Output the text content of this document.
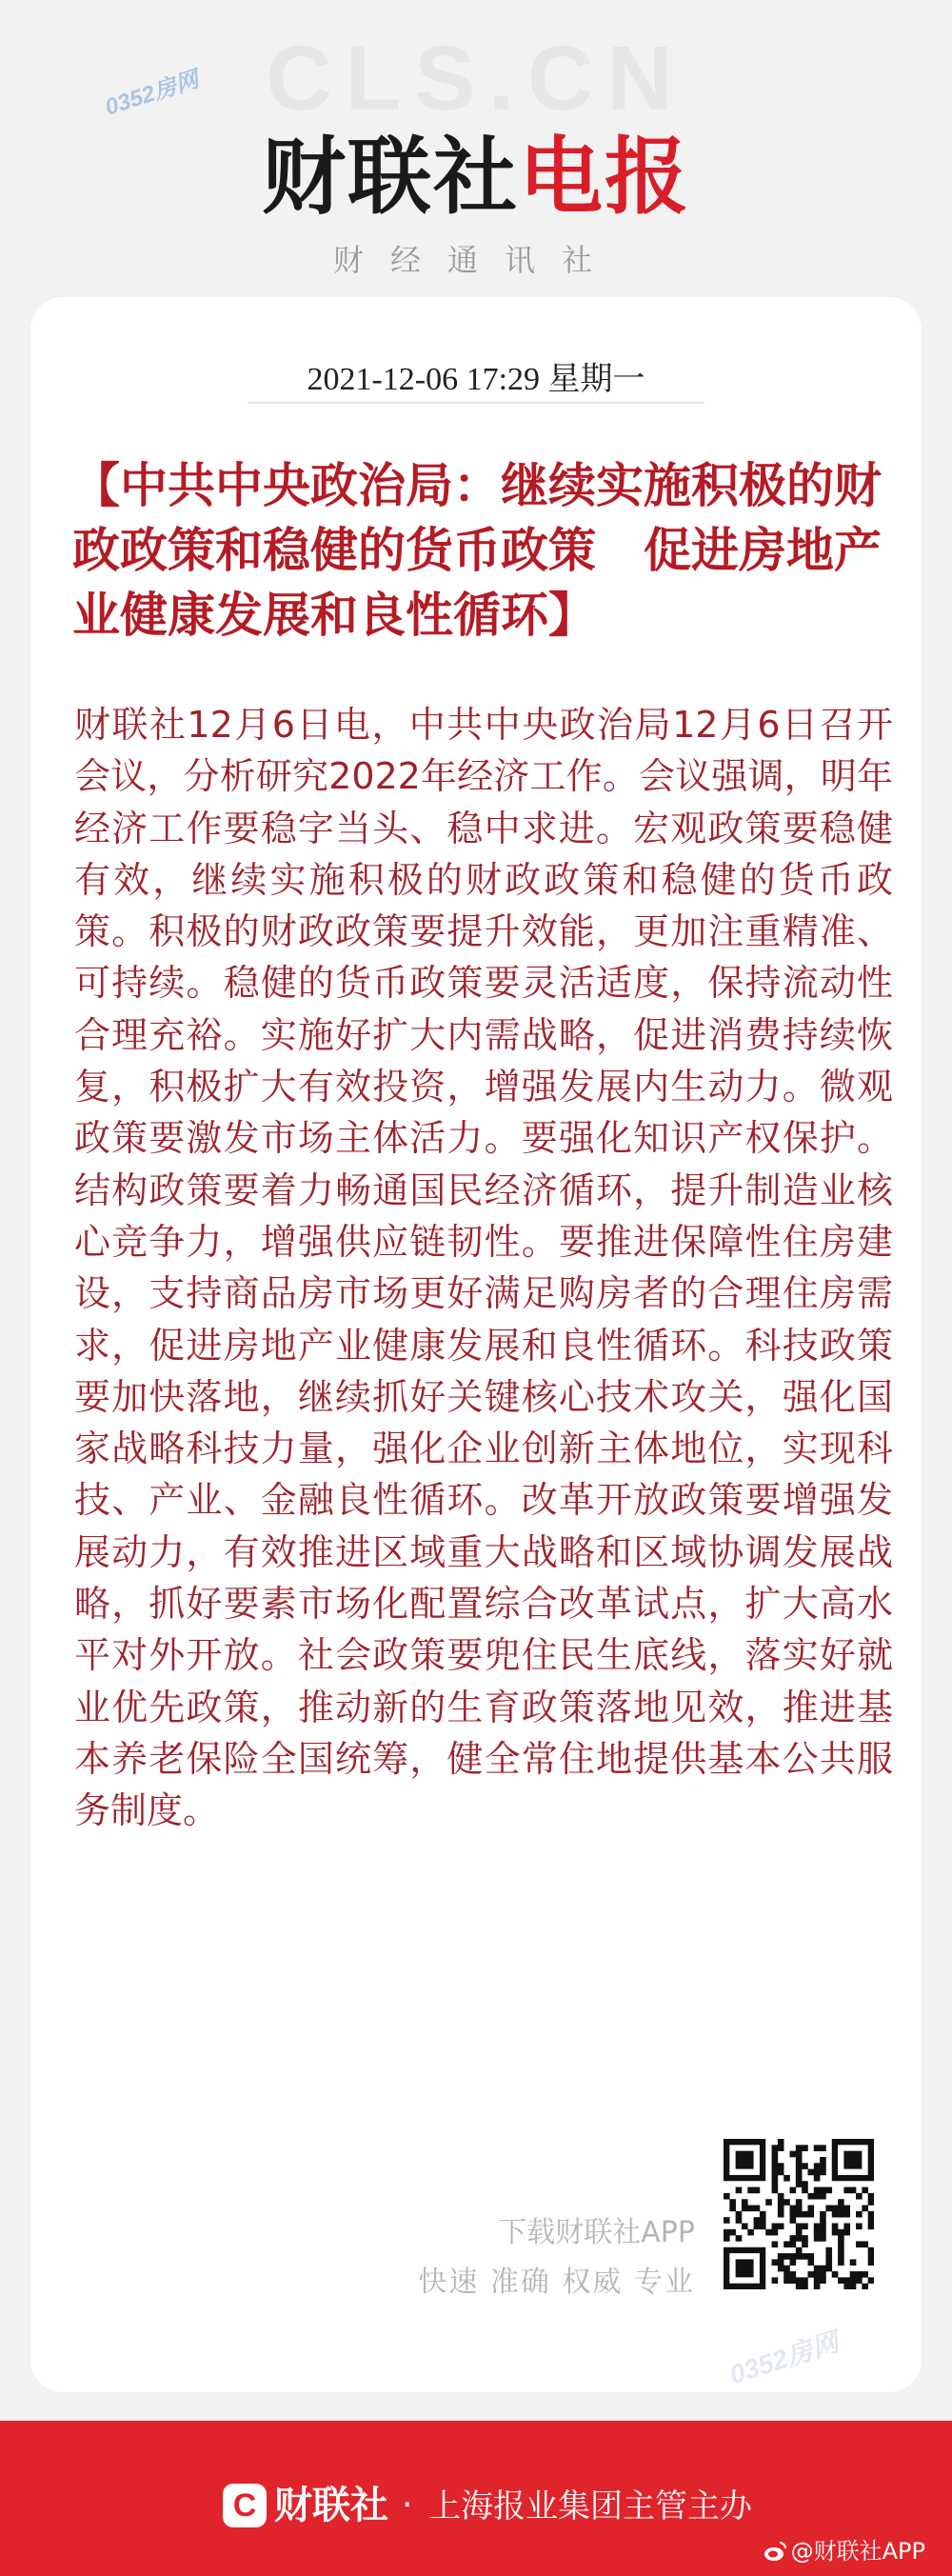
CLS.CN
0352房网
财联社电报
财经通讯社
2021-12-06 17:29 星期一
【中共中央政治局：继续实施积极的财政政策和稳健的货币政策　促进房地产业健康发展和良性循环】
财联社12月6日电，中共中央政治局12月6日召开会议，分析研究2022年经济工作。会议强调，明年经济工作要稳字当头、稳中求进。宏观政策要稳健有效，继续实施积极的财政政策和稳健的货币政策。积极的财政政策要提升效能，更加注重精准、可持续。稳健的货币政策要灵活适度，保持流动性合理充裕。实施好扩大内需战略，促进消费持续恢复，积极扩大有效投资，增强发展内生动力。微观政策要激发市场主体活力。要强化知识产权保护。结构政策要着力畅通国民经济循环，提升制造业核心竞争力，增强供应链韧性。要推进保障性住房建设，支持商品房市场更好满足购房者的合理住房需求，促进房地产业健康发展和良性循环。科技政策要加快落地，继续抓好关键核心技术攻关，强化国家战略科技力量，强化企业创新主体地位，实现科技、产业、金融良性循环。改革开放政策要增强发展动力，有效推进区域重大战略和区域协调发展战略，抓好要素市场化配置综合改革试点，扩大高水平对外开放。社会政策要兜住民生底线，落实好就业优先政策，推动新的生育政策落地见效，推进基本养老保险全国统筹，健全常住地提供基本公共服务制度。
下载财联社APP
快速 准确 权威 专业
0352房网
C 财联社 · 上海报业集团主管主办
@财联社APP
